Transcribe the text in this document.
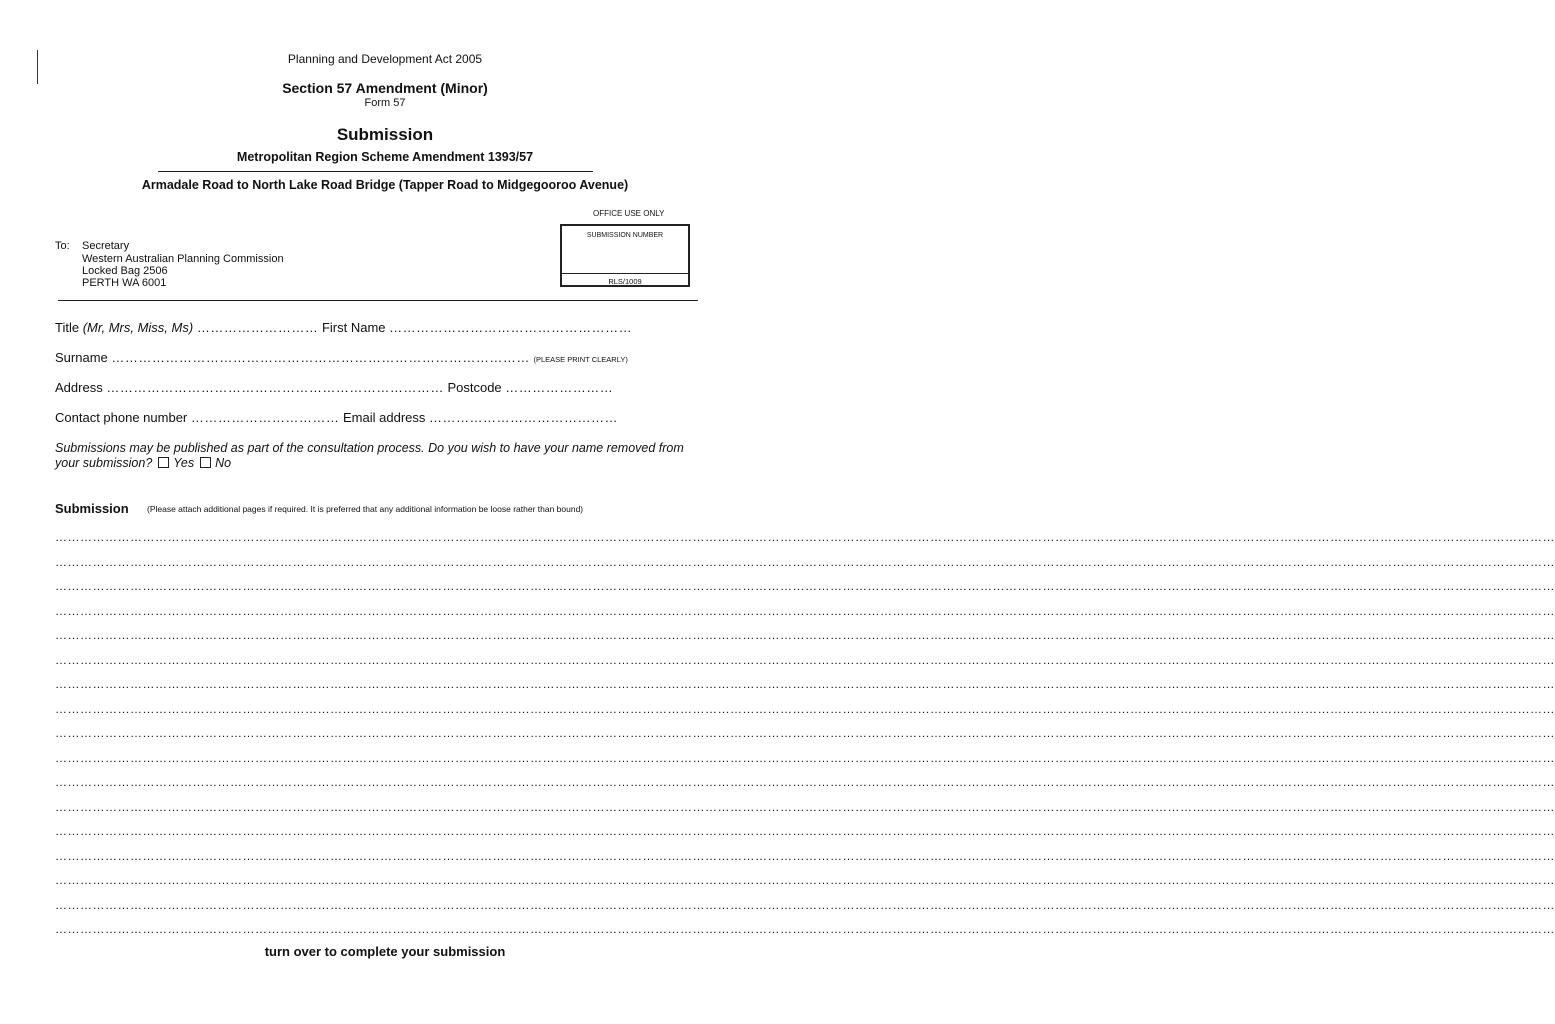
Planning and Development Act 2005
Section 57 Amendment (Minor)
Form 57
Submission
Metropolitan Region Scheme Amendment 1393/57
Armadale Road to North Lake Road Bridge (Tapper Road to Midgegooroo Avenue)
OFFICE USE ONLY
SUBMISSION NUMBER
RLS/1009
To: Secretary
Western Australian Planning Commission
Locked Bag 2506
PERTH WA 6001
Title (Mr, Mrs, Miss, Ms) ……………………… First Name ………………………………………………
Surname ………………………………………………………………………………… (PLEASE PRINT CLEARLY)
Address ………………………………………………………………… Postcode ……………………
Contact phone number …………………………… Email address ……………………………………
Submissions may be published as part of the consultation process. Do you wish to have your name removed from your submission? Yes No
Submission (Please attach additional pages if required. It is preferred that any additional information be loose rather than bound)
………………………………………………………………………………………………………………………………………………………………………………………………………………………………………………………………………………………………………………………………
………………………………………………………………………………………………………………………………………………………………………………………………………………………………………………………………………………………………………………………………
………………………………………………………………………………………………………………………………………………………………………………………………………………………………………………………………………………………………………………………………
………………………………………………………………………………………………………………………………………………………………………………………………………………………………………………………………………………………………………………………………
………………………………………………………………………………………………………………………………………………………………………………………………………………………………………………………………………………………………………………………………
………………………………………………………………………………………………………………………………………………………………………………………………………………………………………………………………………………………………………………………………
………………………………………………………………………………………………………………………………………………………………………………………………………………………………………………………………………………………………………………………………
………………………………………………………………………………………………………………………………………………………………………………………………………………………………………………………………………………………………………………………………
………………………………………………………………………………………………………………………………………………………………………………………………………………………………………………………………………………………………………………………………
………………………………………………………………………………………………………………………………………………………………………………………………………………………………………………………………………………………………………………………………
………………………………………………………………………………………………………………………………………………………………………………………………………………………………………………………………………………………………………………………………
………………………………………………………………………………………………………………………………………………………………………………………………………………………………………………………………………………………………………………………………
………………………………………………………………………………………………………………………………………………………………………………………………………………………………………………………………………………………………………………………………
………………………………………………………………………………………………………………………………………………………………………………………………………………………………………………………………………………………………………………………………
………………………………………………………………………………………………………………………………………………………………………………………………………………………………………………………………………………………………………………………………
………………………………………………………………………………………………………………………………………………………………………………………………………………………………………………………………………………………………………………………………
………………………………………………………………………………………………………………………………………………………………………………………………………………………………………………………………………………………………………………………………
turn over to complete your submission
